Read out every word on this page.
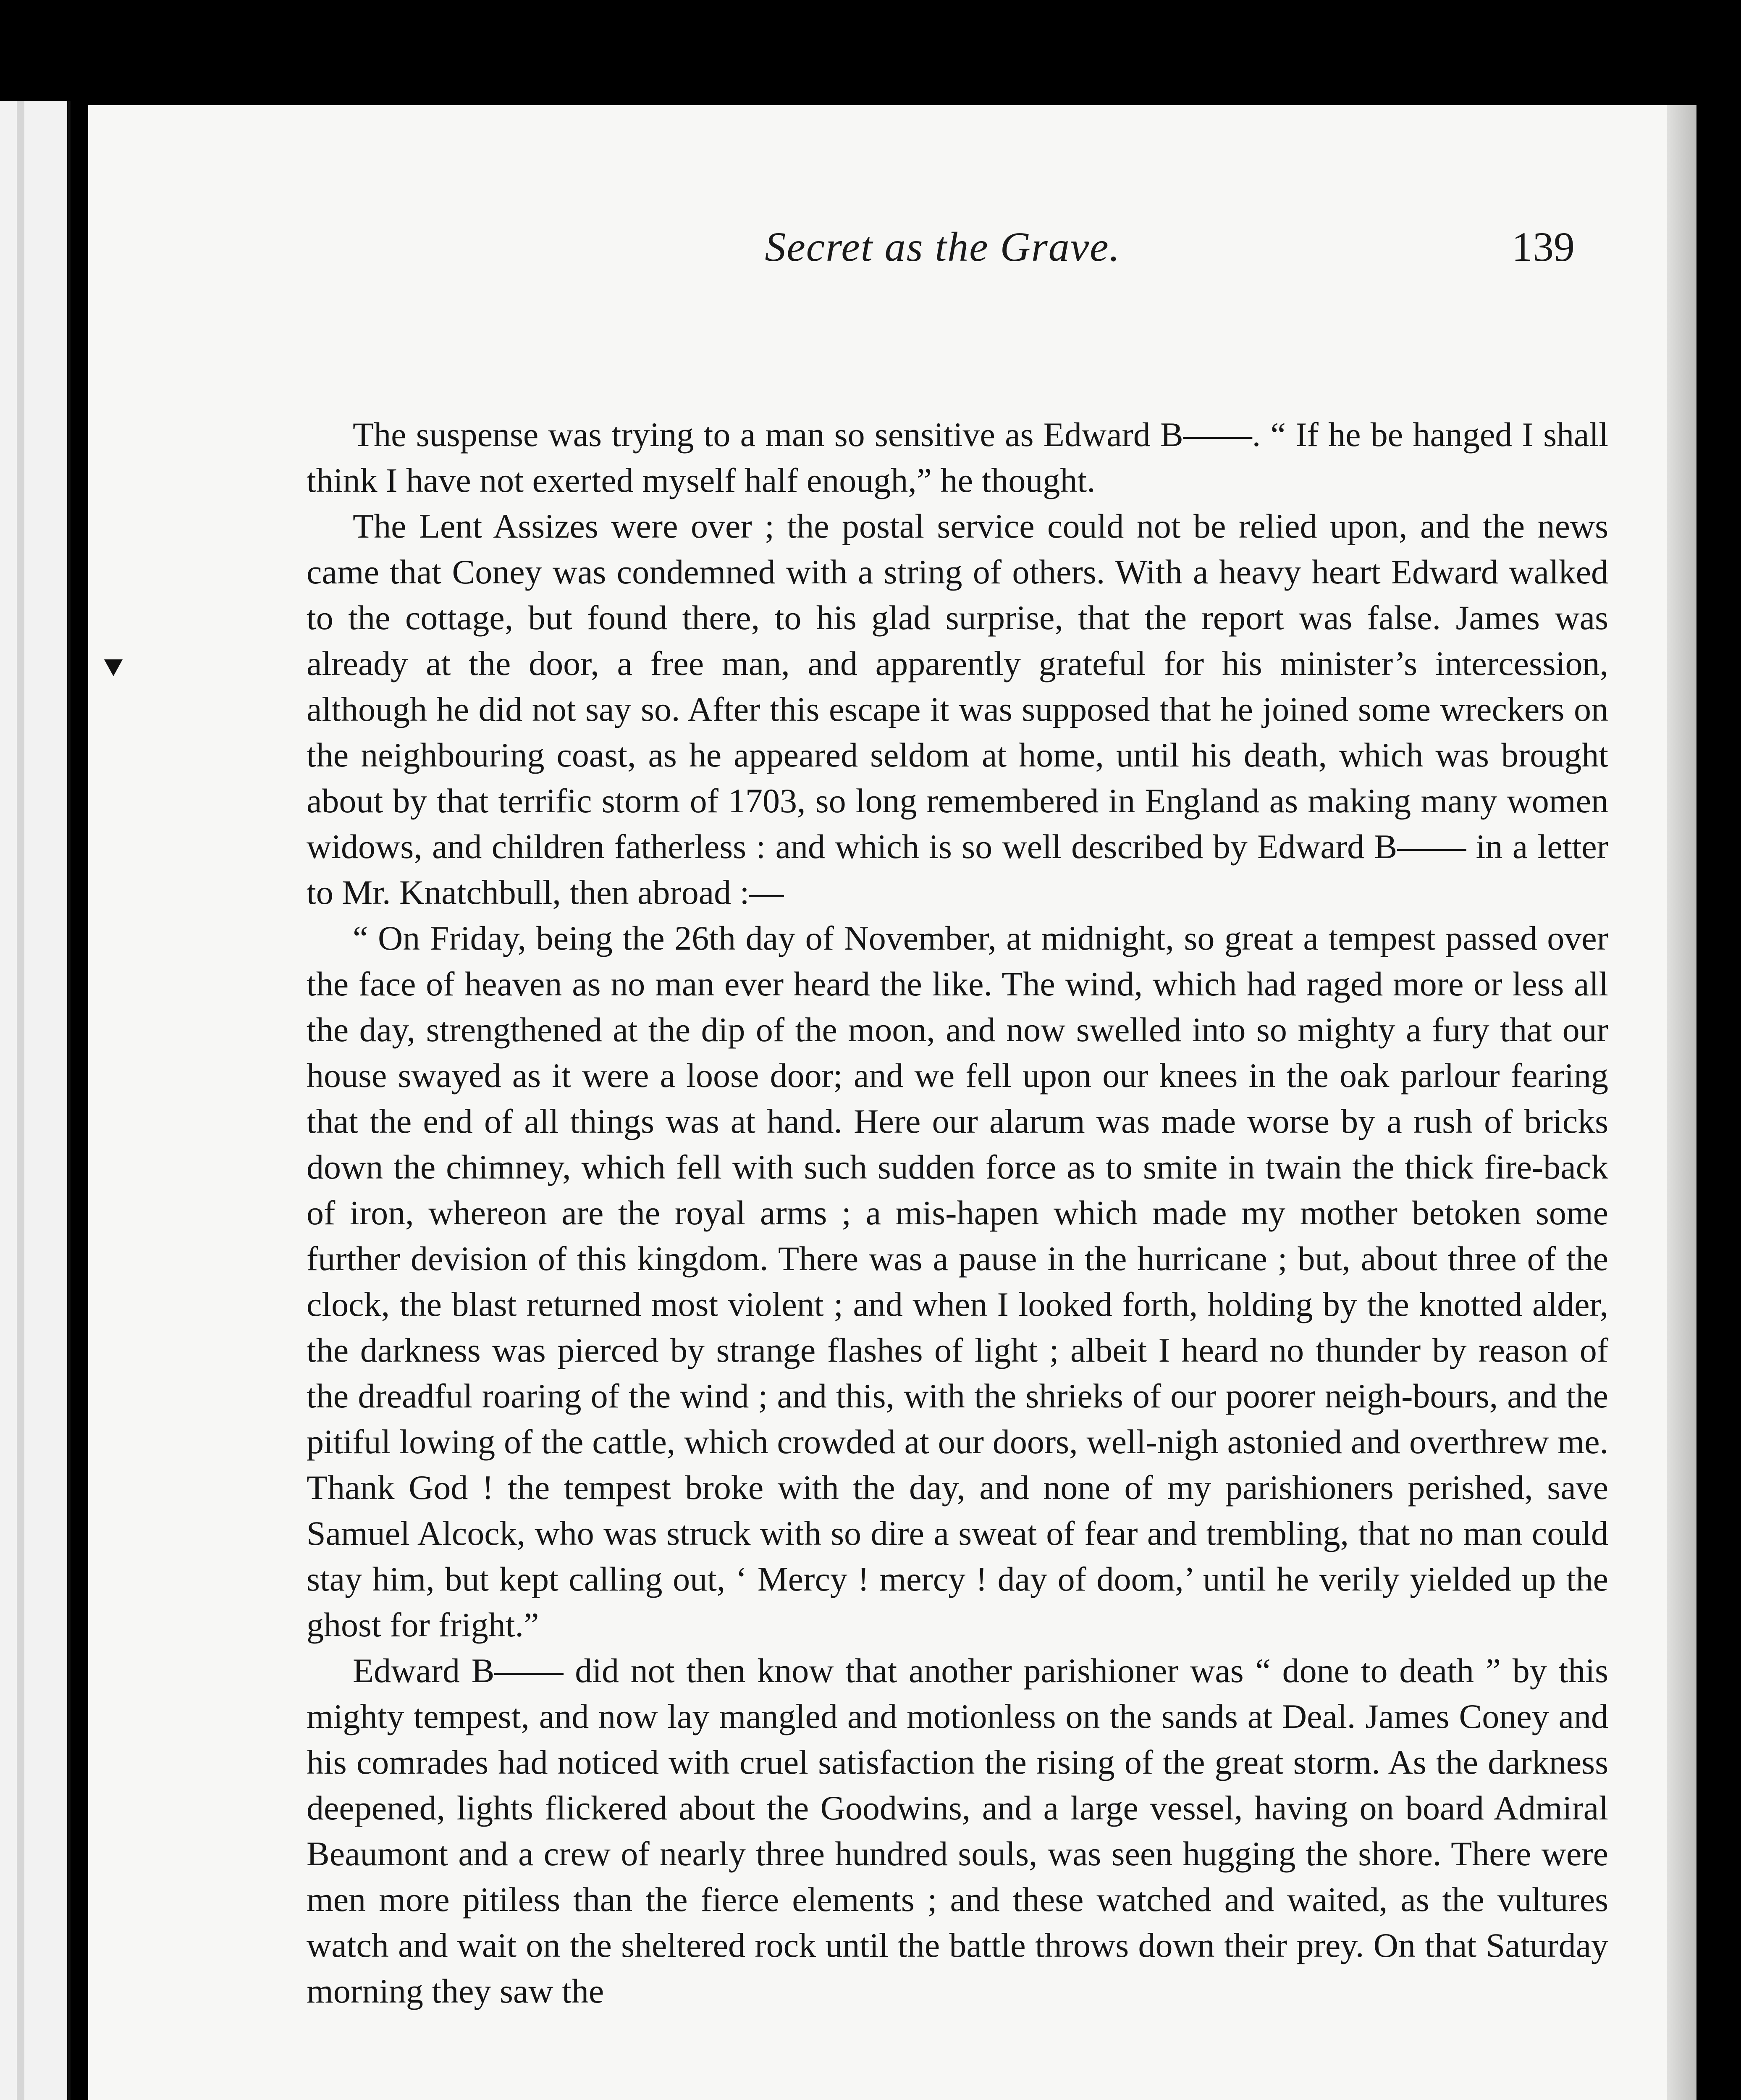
Secret as the Grave.	139

The suspense was trying to a man so sensitive as Edward B——. “ If he be hanged I shall think I have not exerted myself half enough,” he thought.

The Lent Assizes were over ; the postal service could not be relied upon, and the news came that Coney was condemned with a string of others. With a heavy heart Edward walked to the cottage, but found there, to his glad surprise, that the report was false. James was already at the door, a free man, and apparently grateful for his minister’s intercession, although he did not say so. After this escape it was supposed that he joined some wreckers on the neighbouring coast, as he appeared seldom at home, until his death, which was brought about by that terrific storm of 1703, so long remembered in England as making many women widows, and children fatherless : and which is so well described by Edward B—— in a letter to Mr. Knatchbull, then abroad :—

“ On Friday, being the 26th day of November, at midnight, so great a tempest passed over the face of heaven as no man ever heard the like. The wind, which had raged more or less all the day, strengthened at the dip of the moon, and now swelled into so mighty a fury that our house swayed as it were a loose door; and we fell upon our knees in the oak parlour fearing that the end of all things was at hand. Here our alarum was made worse by a rush of bricks down the chimney, which fell with such sudden force as to smite in twain the thick fire-back of iron, whereon are the royal arms ; a mis-hapen which made my mother betoken some further devision of this kingdom. There was a pause in the hurricane ; but, about three of the clock, the blast returned most violent ; and when I looked forth, holding by the knotted alder, the darkness was pierced by strange flashes of light ; albeit I heard no thunder by reason of the dreadful roaring of the wind ; and this, with the shrieks of our poorer neigh-bours, and the pitiful lowing of the cattle, which crowded at our doors, well-nigh astonied and overthrew me. Thank God ! the tempest broke with the day, and none of my parishioners perished, save Samuel Alcock, who was struck with so dire a sweat of fear and trembling, that no man could stay him, but kept calling out, ‘ Mercy ! mercy ! day of doom,’ until he verily yielded up the ghost for fright.”

Edward B—— did not then know that another parishioner was “ done to death ” by this mighty tempest, and now lay mangled and motionless on the sands at Deal. James Coney and his comrades had noticed with cruel satisfaction the rising of the great storm. As the darkness deepened, lights flickered about the Goodwins, and a large vessel, having on board Admiral Beaumont and a crew of nearly three hundred souls, was seen hugging the shore. There were men more pitiless than the fierce elements ; and these watched and waited, as the vultures watch and wait on the sheltered rock until the battle throws down their prey. On that Saturday morning they saw the
